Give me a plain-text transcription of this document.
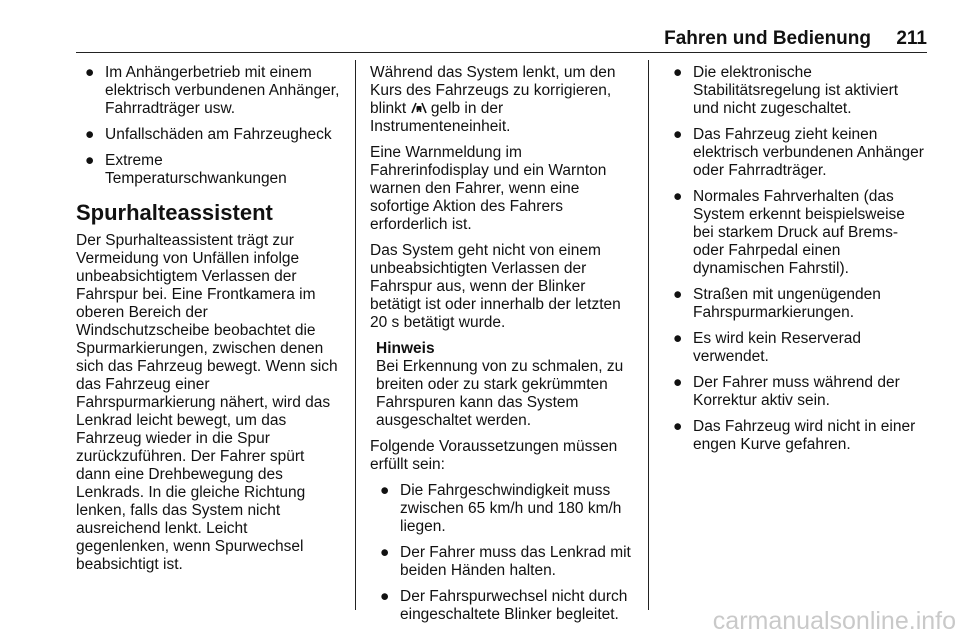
Fahren und Bedienung 211
● Im Anhängerbetrieb mit einem elektrisch verbundenen Anhänger, Fahrradträger usw.
● Unfallschäden am Fahrzeugheck
● Extreme Temperaturschwankungen
Spurhalteassistent

Der Spurhalteassistent trägt zur Vermeidung von Unfällen infolge unbeabsichtigtem Verlassen der Fahrspur bei. Eine Frontkamera im oberen Bereich der Windschutzscheibe beobachtet die Spurmarkierungen, zwischen denen sich das Fahrzeug bewegt. Wenn sich das Fahrzeug einer Fahrspurmarkierung nähert, wird das Lenkrad leicht bewegt, um das Fahrzeug wieder in die Spur zurückzuführen. Der Fahrer spürt dann eine Drehbewegung des Lenkrads. In die gleiche Richtung lenken, falls das System nicht ausreichend lenkt. Leicht gegenlenken, wenn Spurwechsel beabsichtigt ist.

Während das System lenkt, um den Kurs des Fahrzeugs zu korrigieren, blinkt gelb in der Instrumenteneinheit.

Eine Warnmeldung im Fahrerinfodisplay und ein Warnton warnen den Fahrer, wenn eine sofortige Aktion des Fahrers erforderlich ist.

Das System geht nicht von einem unbeabsichtigten Verlassen der Fahrspur aus, wenn der Blinker betätigt ist oder innerhalb der letzten 20 s betätigt wurde.

Hinweis
Bei Erkennung von zu schmalen, zu breiten oder zu stark gekrümmten Fahrspuren kann das System ausgeschaltet werden.

Folgende Voraussetzungen müssen erfüllt sein:

● Die Fahrgeschwindigkeit muss zwischen 65 km/h und 180 km/h liegen.
● Der Fahrer muss das Lenkrad mit beiden Händen halten.
● Der Fahrspurwechsel nicht durch eingeschaltete Blinker begleitet.
● Die elektronische Stabilitätsregelung ist aktiviert und nicht zugeschaltet.
● Das Fahrzeug zieht keinen elektrisch verbundenen Anhänger oder Fahrradträger.
● Normales Fahrverhalten (das System erkennt beispielsweise bei starkem Druck auf Brems- oder Fahrpedal einen dynamischen Fahrstil).
● Straßen mit ungenügenden Fahrspurmarkierungen.
● Es wird kein Reserverad verwendet.
● Der Fahrer muss während der Korrektur aktiv sein.
● Das Fahrzeug wird nicht in einer engen Kurve gefahren.
carmanualsonline.info
